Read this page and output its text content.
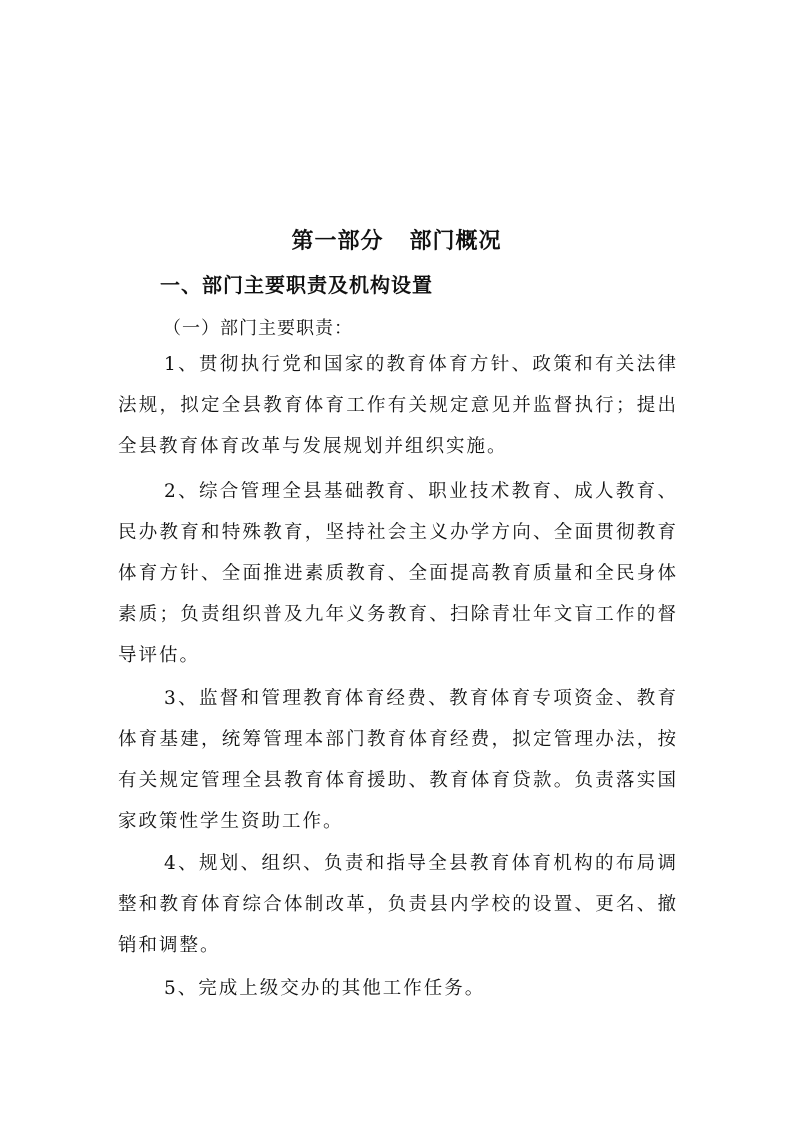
第一部分   部门概况
一、部门主要职责及机构设置
（一）部门主要职责：

1、贯彻执行党和国家的教育体育方针、政策和有关法律法规，拟定全县教育体育工作有关规定意见并监督执行；提出全县教育体育改革与发展规划并组织实施。

2、综合管理全县基础教育、职业技术教育、成人教育、民办教育和特殊教育，坚持社会主义办学方向、全面贯彻教育体育方针、全面推进素质教育、全面提高教育质量和全民身体素质；负责组织普及九年义务教育、扫除青壮年文盲工作的督导评估。

3、监督和管理教育体育经费、教育体育专项资金、教育体育基建，统筹管理本部门教育体育经费，拟定管理办法，按有关规定管理全县教育体育援助、教育体育贷款。负责落实国家政策性学生资助工作。

4、规划、组织、负责和指导全县教育体育机构的布局调整和教育体育综合体制改革，负责县内学校的设置、更名、撤销和调整。

5、完成上级交办的其他工作任务。
